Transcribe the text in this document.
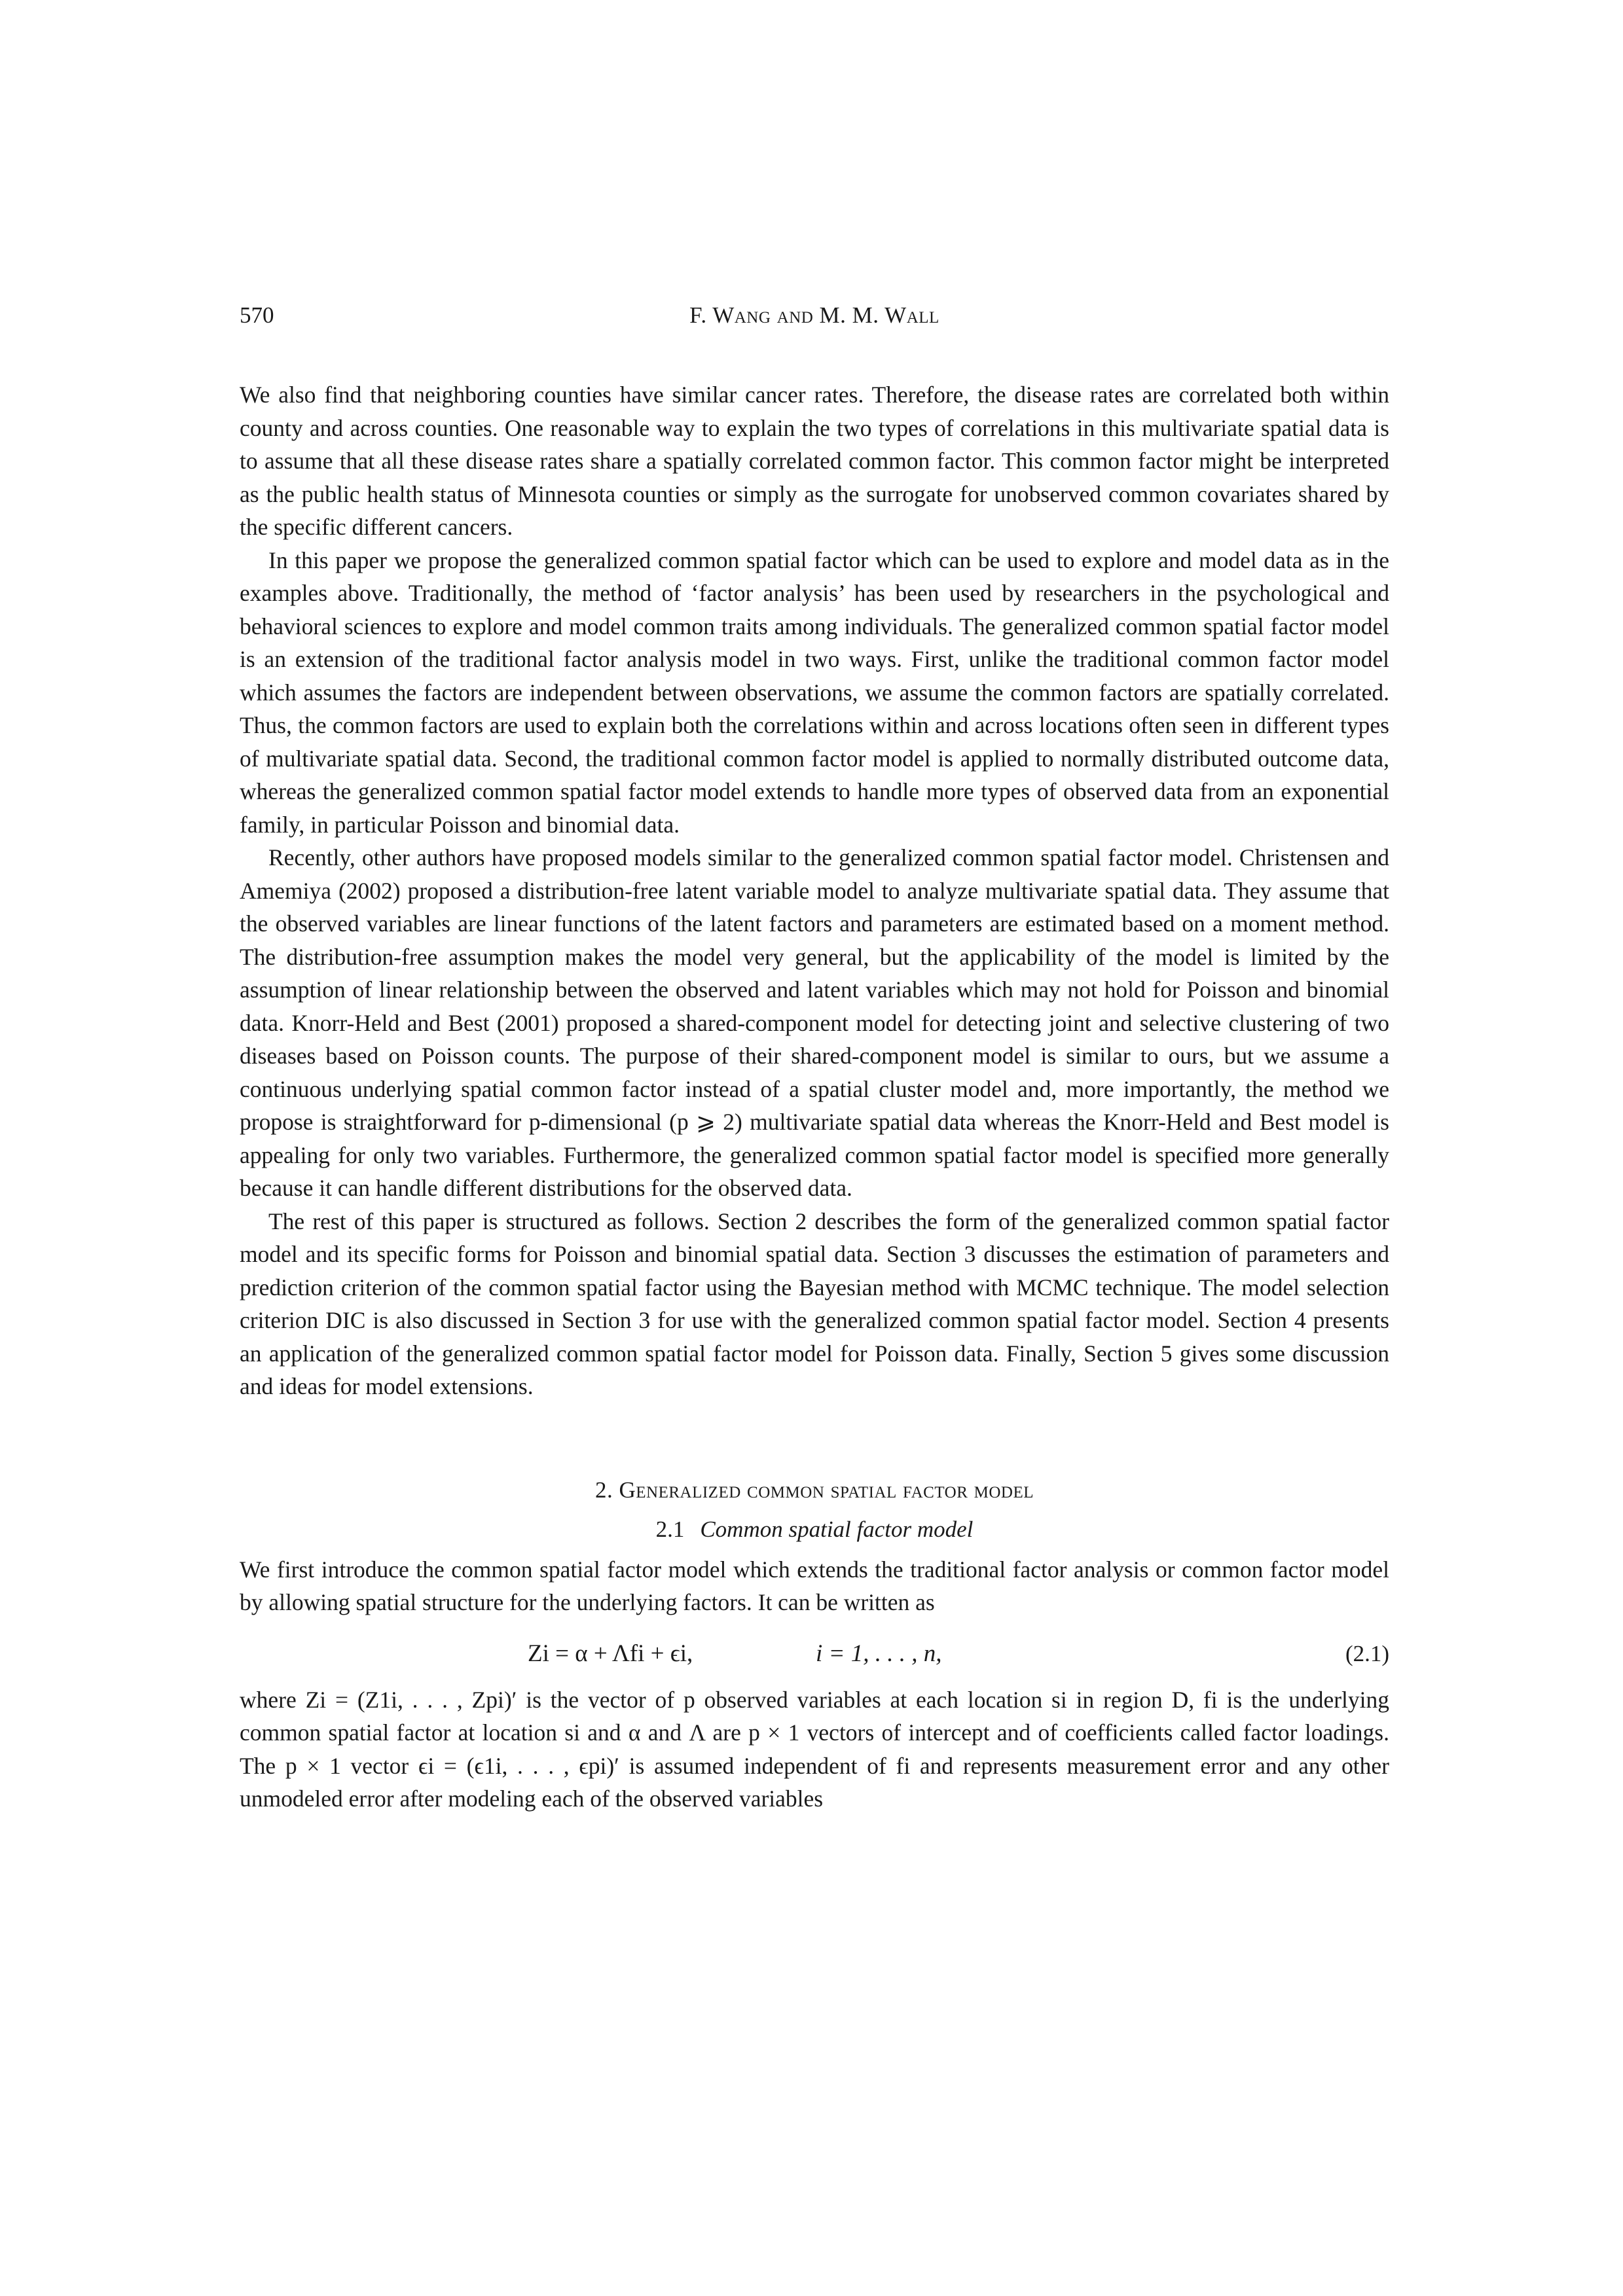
570	F. Wang and M. M. Wall

We also find that neighboring counties have similar cancer rates. Therefore, the disease rates are correlated both within county and across counties. One reasonable way to explain the two types of correlations in this multivariate spatial data is to assume that all these disease rates share a spatially correlated common factor. This common factor might be interpreted as the public health status of Minnesota counties or simply as the surrogate for unobserved common covariates shared by the specific different cancers.

In this paper we propose the generalized common spatial factor which can be used to explore and model data as in the examples above. Traditionally, the method of ‘factor analysis’ has been used by researchers in the psychological and behavioral sciences to explore and model common traits among individuals. The generalized common spatial factor model is an extension of the traditional factor analysis model in two ways. First, unlike the traditional common factor model which assumes the factors are independent between observations, we assume the common factors are spatially correlated. Thus, the common factors are used to explain both the correlations within and across locations often seen in different types of multivariate spatial data. Second, the traditional common factor model is applied to normally distributed outcome data, whereas the generalized common spatial factor model extends to handle more types of observed data from an exponential family, in particular Poisson and binomial data.

Recently, other authors have proposed models similar to the generalized common spatial factor model. Christensen and Amemiya (2002) proposed a distribution-free latent variable model to analyze multivariate spatial data. They assume that the observed variables are linear functions of the latent factors and parameters are estimated based on a moment method. The distribution-free assumption makes the model very general, but the applicability of the model is limited by the assumption of linear relationship between the observed and latent variables which may not hold for Poisson and binomial data. Knorr-Held and Best (2001) proposed a shared-component model for detecting joint and selective clustering of two diseases based on Poisson counts. The purpose of their shared-component model is similar to ours, but we assume a continuous underlying spatial common factor instead of a spatial cluster model and, more importantly, the method we propose is straightforward for p-dimensional (p ⩾ 2) multivariate spatial data whereas the Knorr-Held and Best model is appealing for only two variables. Furthermore, the generalized common spatial factor model is specified more generally because it can handle different distributions for the observed data.

The rest of this paper is structured as follows. Section 2 describes the form of the generalized common spatial factor model and its specific forms for Poisson and binomial spatial data. Section 3 discusses the estimation of parameters and prediction criterion of the common spatial factor using the Bayesian method with MCMC technique. The model selection criterion DIC is also discussed in Section 3 for use with the generalized common spatial factor model. Section 4 presents an application of the generalized common spatial factor model for Poisson data. Finally, Section 5 gives some discussion and ideas for model extensions.

2. Generalized common spatial factor model
2.1 Common spatial factor model

We first introduce the common spatial factor model which extends the traditional factor analysis or common factor model by allowing spatial structure for the underlying factors. It can be written as

Zi = α + Λfi + ϵi,	i = 1, . . . , n,	(2.1)

where Zi = (Z1i, . . . , Zpi)′ is the vector of p observed variables at each location si in region D, fi is the underlying common spatial factor at location si and α and Λ are p × 1 vectors of intercept and of coefficients called factor loadings. The p × 1 vector ϵi = (ϵ1i, . . . , ϵpi)′ is assumed independent of fi and represents measurement error and any other unmodeled error after modeling each of the observed variables
